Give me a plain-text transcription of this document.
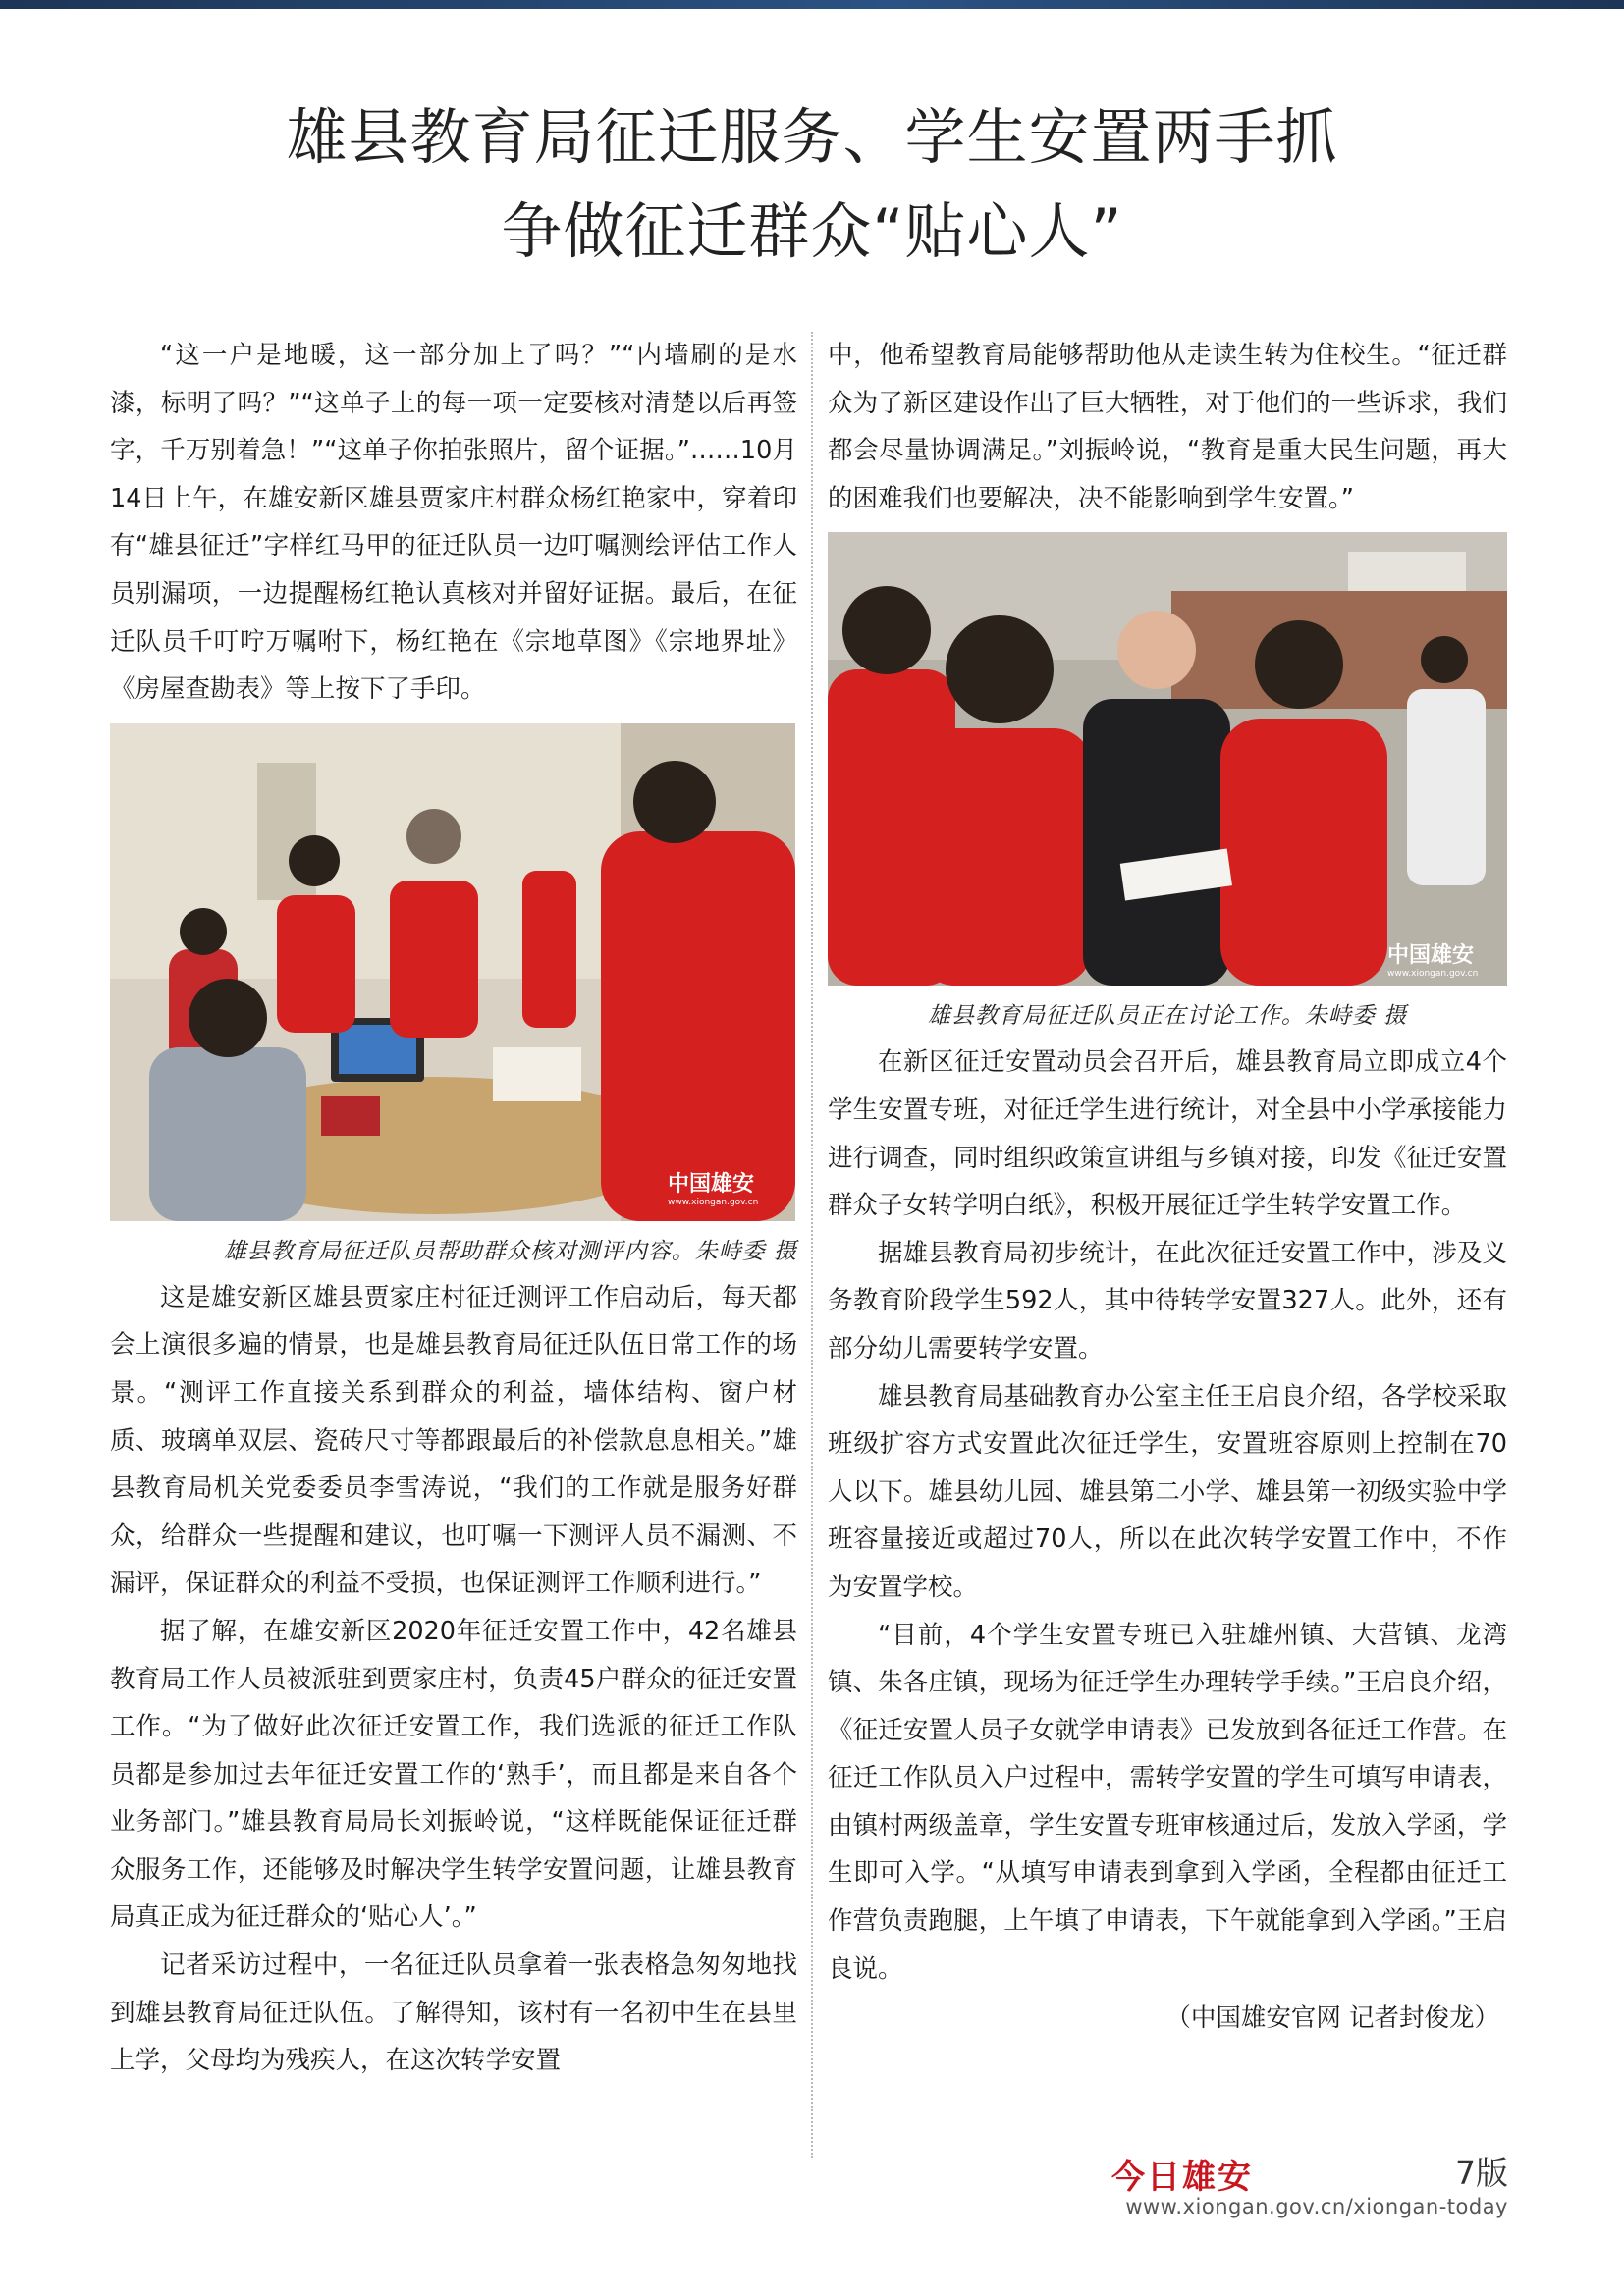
雄县教育局征迁服务、学生安置两手抓
争做征迁群众“贴心人”

“这一户是地暖，这一部分加上了吗？”“内墙刷的是水漆，标明了吗？”“这单子上的每一项一定要核对清楚以后再签字，千万别着急！”“这单子你拍张照片，留个证据。”……10月14日上午，在雄安新区雄县贾家庄村群众杨红艳家中，穿着印有“雄县征迁”字样红马甲的征迁队员一边叮嘱测绘评估工作人员别漏项，一边提醒杨红艳认真核对并留好证据。最后，在征迁队员千叮咛万嘱咐下，杨红艳在《宗地草图》《宗地界址》《房屋查勘表》等上按下了手印。

中国雄安
www.xiongan.gov.cn
雄县教育局征迁队员帮助群众核对测评内容。朱峙委 摄

这是雄安新区雄县贾家庄村征迁测评工作启动后，每天都会上演很多遍的情景，也是雄县教育局征迁队伍日常工作的场景。“测评工作直接关系到群众的利益，墙体结构、窗户材质、玻璃单双层、瓷砖尺寸等都跟最后的补偿款息息相关。”雄县教育局机关党委委员李雪涛说，“我们的工作就是服务好群众，给群众一些提醒和建议，也叮嘱一下测评人员不漏测、不漏评，保证群众的利益不受损，也保证测评工作顺利进行。”

据了解，在雄安新区2020年征迁安置工作中，42名雄县教育局工作人员被派驻到贾家庄村，负责45户群众的征迁安置工作。“为了做好此次征迁安置工作，我们选派的征迁工作队员都是参加过去年征迁安置工作的‘熟手’，而且都是来自各个业务部门。”雄县教育局局长刘振岭说，“这样既能保证征迁群众服务工作，还能够及时解决学生转学安置问题，让雄县教育局真正成为征迁群众的‘贴心人’。”

记者采访过程中，一名征迁队员拿着一张表格急匆匆地找到雄县教育局征迁队伍。了解得知，该村有一名初中生在县里上学，父母均为残疾人，在这次转学安置

中，他希望教育局能够帮助他从走读生转为住校生。“征迁群众为了新区建设作出了巨大牺牲，对于他们的一些诉求，我们都会尽量协调满足。”刘振岭说，“教育是重大民生问题，再大的困难我们也要解决，决不能影响到学生安置。”

中国雄安
www.xiongan.gov.cn
雄县教育局征迁队员正在讨论工作。朱峙委 摄

在新区征迁安置动员会召开后，雄县教育局立即成立4个学生安置专班，对征迁学生进行统计，对全县中小学承接能力进行调查，同时组织政策宣讲组与乡镇对接，印发《征迁安置群众子女转学明白纸》，积极开展征迁学生转学安置工作。

据雄县教育局初步统计，在此次征迁安置工作中，涉及义务教育阶段学生592人，其中待转学安置327人。此外，还有部分幼儿需要转学安置。

雄县教育局基础教育办公室主任王启良介绍，各学校采取班级扩容方式安置此次征迁学生，安置班容原则上控制在70人以下。雄县幼儿园、雄县第二小学、雄县第一初级实验中学班容量接近或超过70人，所以在此次转学安置工作中，不作为安置学校。

“目前，4个学生安置专班已入驻雄州镇、大营镇、龙湾镇、朱各庄镇，现场为征迁学生办理转学手续。”王启良介绍，《征迁安置人员子女就学申请表》已发放到各征迁工作营。在征迁工作队员入户过程中，需转学安置的学生可填写申请表，由镇村两级盖章，学生安置专班审核通过后，发放入学函，学生即可入学。“从填写申请表到拿到入学函，全程都由征迁工作营负责跑腿，上午填了申请表，下午就能拿到入学函。”王启良说。

（中国雄安官网 记者封俊龙）
今日雄安	7版
www.xiongan.gov.cn/xiongan-today
